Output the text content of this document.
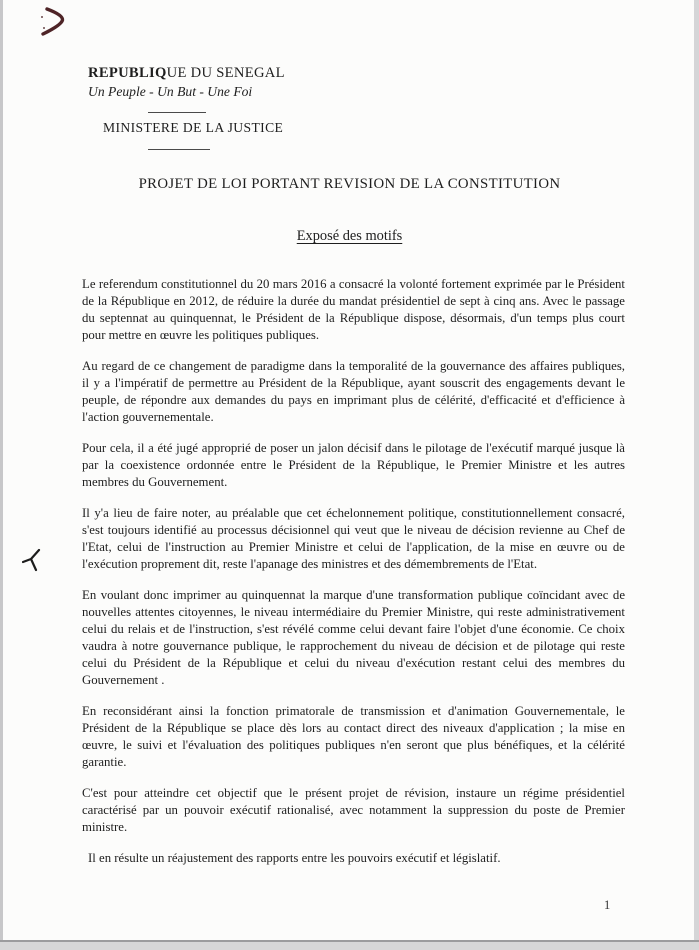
REPUBLIQUE DU SENEGAL
Un Peuple - Un But - Une Foi
MINISTERE DE LA JUSTICE
PROJET DE LOI PORTANT REVISION DE LA CONSTITUTION
Exposé des motifs

Le referendum constitutionnel du 20 mars 2016 a consacré la volonté fortement exprimée par le Président de la République en 2012, de réduire la durée du mandat présidentiel de sept à cinq ans. Avec le passage du septennat au quinquennat, le Président de la République dispose, désormais, d'un temps plus court pour mettre en œuvre les politiques publiques.

Au regard de ce changement de paradigme dans la temporalité de la gouvernance des affaires publiques, il y a l'impératif de permettre au Président de la République, ayant souscrit des engagements devant le peuple, de répondre aux demandes du pays en imprimant plus de célérité, d'efficacité et d'efficience à l'action gouvernementale.

Pour cela, il a été jugé approprié de poser un jalon décisif dans le pilotage de l'exécutif marqué jusque là par la coexistence ordonnée entre le Président de la République, le Premier Ministre et les autres membres du Gouvernement.

Il y'a lieu de faire noter, au préalable que cet échelonnement politique, constitutionnellement consacré, s'est toujours identifié au processus décisionnel qui veut que le niveau de décision revienne au Chef de l'Etat, celui de l'instruction au Premier Ministre et celui de l'application, de la mise en œuvre ou de l'exécution proprement dit, reste l'apanage des ministres et des démembrements de l'Etat.

En voulant donc imprimer au quinquennat la marque d'une transformation publique coïncidant avec de nouvelles attentes citoyennes, le niveau intermédiaire du Premier Ministre, qui reste administrativement celui du relais et de l'instruction, s'est révélé comme celui devant faire l'objet d'une économie. Ce choix vaudra à notre gouvernance publique, le rapprochement du niveau de décision et de pilotage qui reste celui du Président de la République et celui du niveau d'exécution restant celui des membres du Gouvernement .

En reconsidérant ainsi la fonction primatorale de transmission et d'animation Gouvernementale, le Président de la République se place dès lors au contact direct des niveaux d'application ; la mise en œuvre, le suivi et l'évaluation des politiques publiques n'en seront que plus bénéfiques, et la célérité garantie.

C'est pour atteindre cet objectif que le présent projet de révision, instaure un régime présidentiel caractérisé par un pouvoir exécutif rationalisé, avec notamment la suppression du poste de Premier ministre.

Il en résulte un réajustement des rapports entre les pouvoirs exécutif et législatif.

1
